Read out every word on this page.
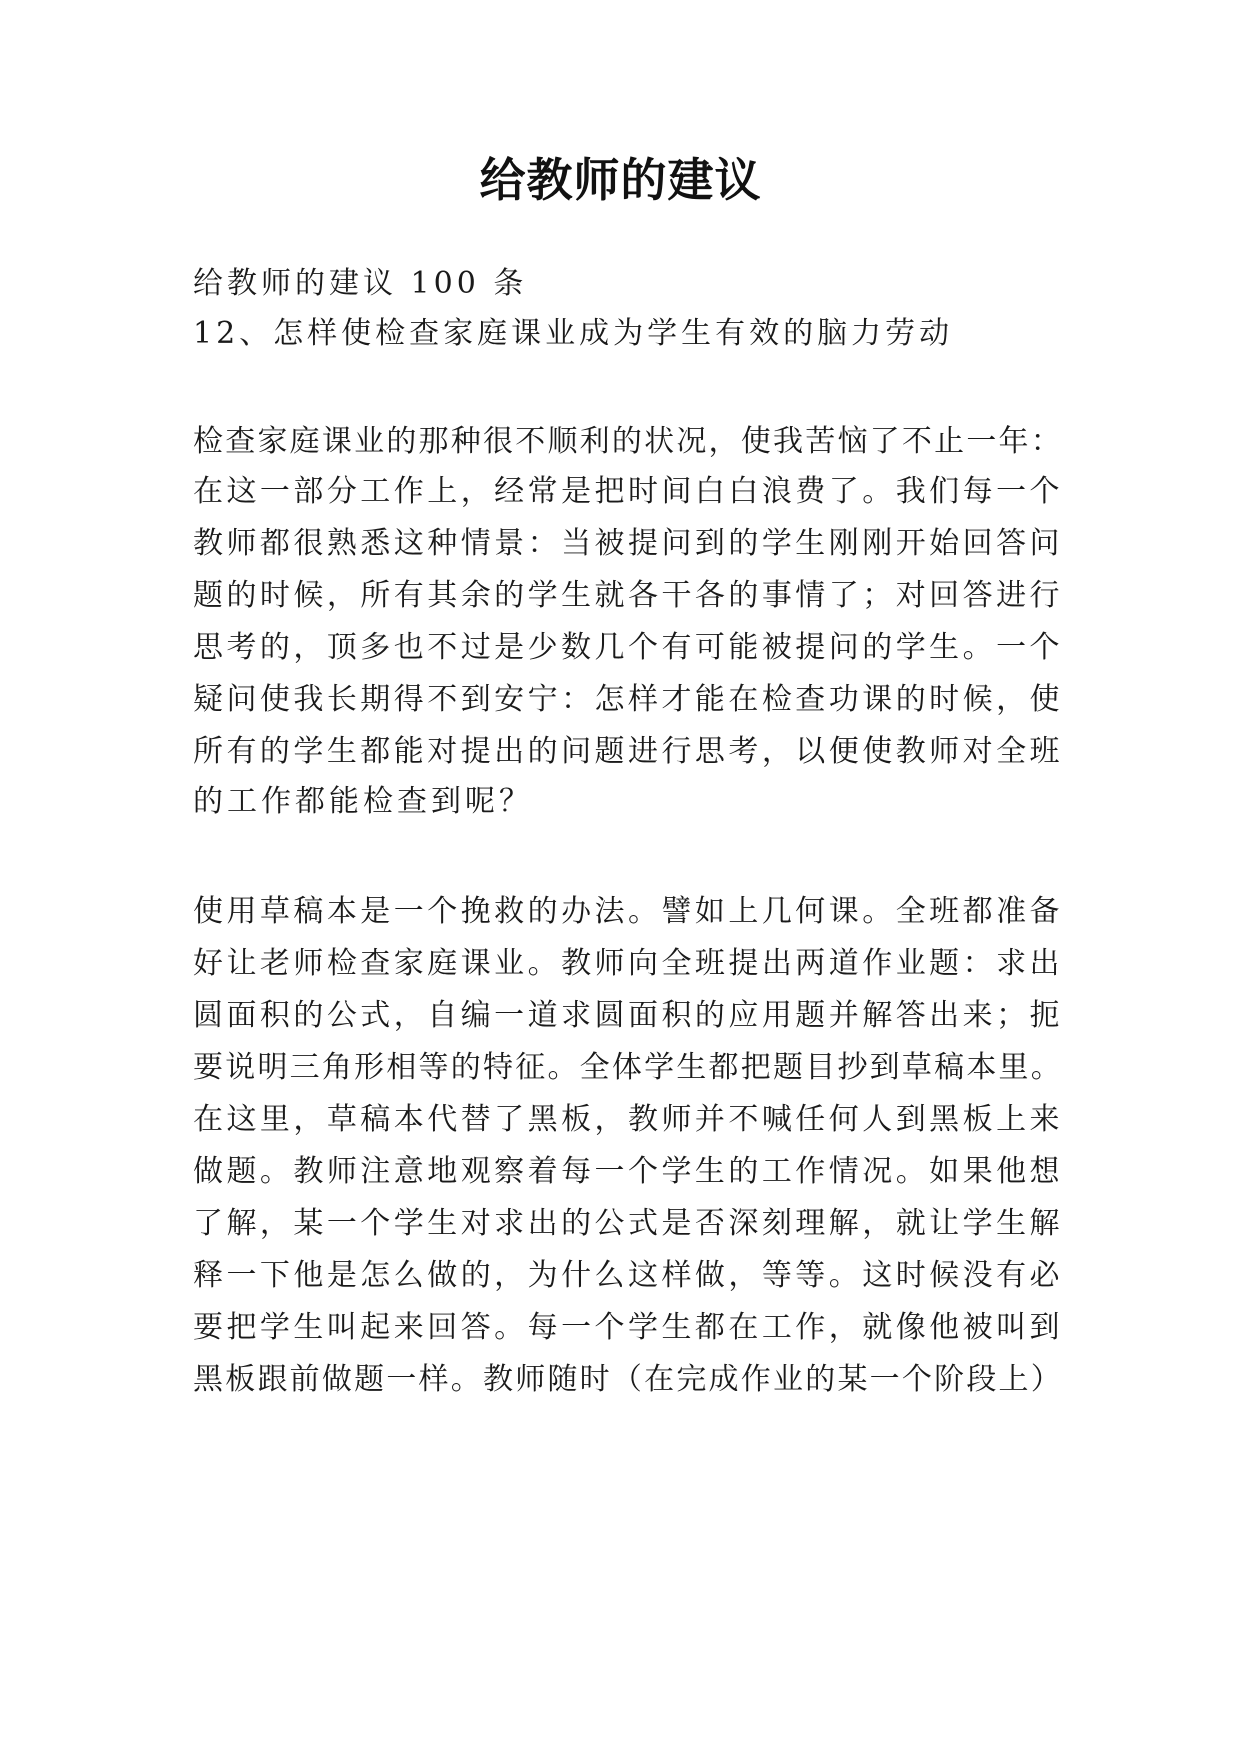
给教师的建议
给教师的建议 100 条
12、怎样使检查家庭课业成为学生有效的脑力劳动
检查家庭课业的那种很不顺利的状况，使我苦恼了不止一年：
在这一部分工作上，经常是把时间白白浪费了。我们每一个
教师都很熟悉这种情景：当被提问到的学生刚刚开始回答问
题的时候，所有其余的学生就各干各的事情了；对回答进行
思考的，顶多也不过是少数几个有可能被提问的学生。一个
疑问使我长期得不到安宁：怎样才能在检查功课的时候，使
所有的学生都能对提出的问题进行思考，以便使教师对全班
的工作都能检查到呢？
使用草稿本是一个挽救的办法。譬如上几何课。全班都准备
好让老师检查家庭课业。教师向全班提出两道作业题：求出
圆面积的公式，自编一道求圆面积的应用题并解答出来；扼
要说明三角形相等的特征。全体学生都把题目抄到草稿本里。
在这里，草稿本代替了黑板，教师并不喊任何人到黑板上来
做题。教师注意地观察着每一个学生的工作情况。如果他想
了解，某一个学生对求出的公式是否深刻理解，就让学生解
释一下他是怎么做的，为什么这样做，等等。这时候没有必
要把学生叫起来回答。每一个学生都在工作，就像他被叫到
黑板跟前做题一样。教师随时（在完成作业的某一个阶段上）
